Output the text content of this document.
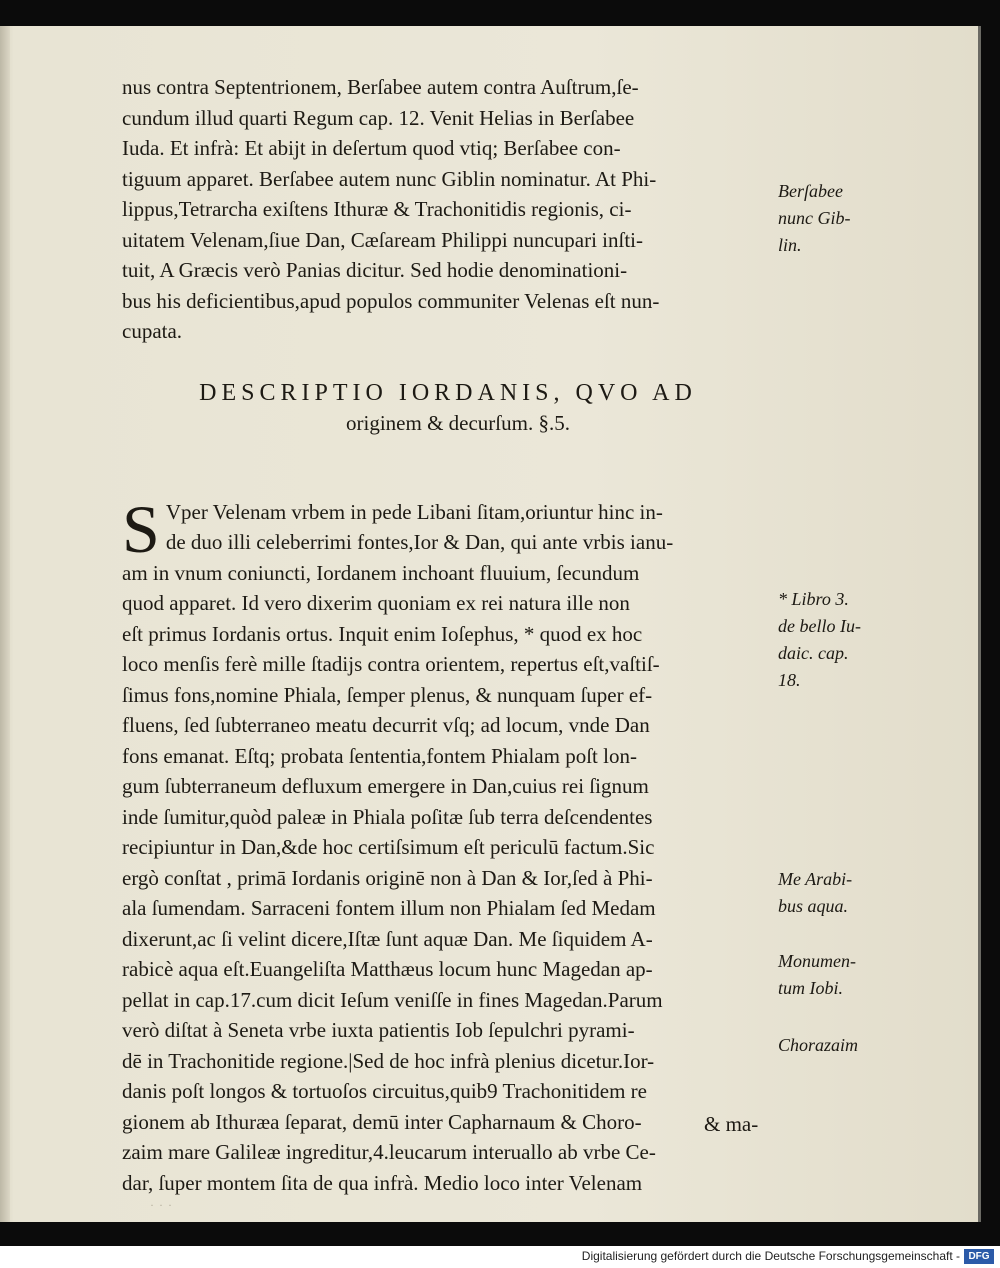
nus contra Septentrionem, Berſabee autem contra Auſtrum,ſe-
cundum illud quarti Regum cap. 12. Venit Helias in Berſabee
Iuda. Et infrà: Et abijt in deſertum quod vtiq; Berſabee con-
tiguum apparet. Berſabee autem nunc Giblin nominatur. At Phi-
lippus,Tetrarcha exiſtens Ithuræ & Trachonitidis regionis, ci-
uitatem Velenam,ſiue Dan, Cæſaream Philippi nuncupari inſti-
tuit, A Græcis verò Panias dicitur. Sed hodie denominationi-
bus his deficientibus,apud populos communiter Velenas eſt nun-
cupata.
DESCRIPTIO IORDANIS, QVO AD
originem & decurſum. §.5.

S Vper Velenam vrbem in pede Libani ſitam,oriuntur hinc in-
de duo illi celeberrimi fontes,Ior & Dan, qui ante vrbis ianu-
am in vnum coniuncti, Iordanem inchoant fluuium, ſecundum
quod apparet. Id vero dixerim quoniam ex rei natura ille non
eſt primus Iordanis ortus. Inquit enim Ioſephus, * quod ex hoc
loco menſis ferè mille ſtadijs contra orientem, repertus eſt,vaſtiſ-
ſimus fons,nomine Phiala, ſemper plenus, & nunquam ſuper ef-
fluens, ſed ſubterraneo meatu decurrit vſq; ad locum, vnde Dan
fons emanat. Eſtq; probata ſententia,fontem Phialam poſt lon-
gum ſubterraneum defluxum emergere in Dan,cuius rei ſignum
inde ſumitur,quòd paleæ in Phiala poſitæ ſub terra deſcendentes
recipiuntur in Dan,&de hoc certiſsimum eſt periculū factum.Sic
ergò conſtat , primā Iordanis originē non à Dan & Ior,ſed à Phi-
ala ſumendam. Sarraceni fontem illum non Phialam ſed Medam
dixerunt,ac ſi velint dicere,Iſtæ ſunt aquæ Dan. Me ſiquidem A-
rabicè aqua eſt.Euangeliſta Matthæus locum hunc Magedan ap-
pellat in cap.17.cum dicit Ieſum veniſſe in fines Magedan.Parum
verò diſtat à Seneta vrbe iuxta patientis Iob ſepulchri pyrami-
dē in Trachonitide regione.|Sed de hoc infrà plenius dicetur.Ior-
danis poſt longos & tortuoſos circuitus,quib9 Trachonitidem re
gionem ab Ithuræa ſeparat, demū inter Capharnaum & Choro-
zaim mare Galileæ ingreditur,4.leucarum interuallo ab vrbe Ce-
dar, ſuper montem ſita de qua infrà. Medio loco inter Velenam

Berſabee
nunc Gib-
lin.
* Libro 3.
de bello Iu-
daic. cap.
18.
Me Arabi-
bus aqua.
Monumen-
tum Iobi.
Chorazaim
& ma-
· · ·
Digitalisierung gefördert durch die Deutsche Forschungsgemeinschaft - DFG
